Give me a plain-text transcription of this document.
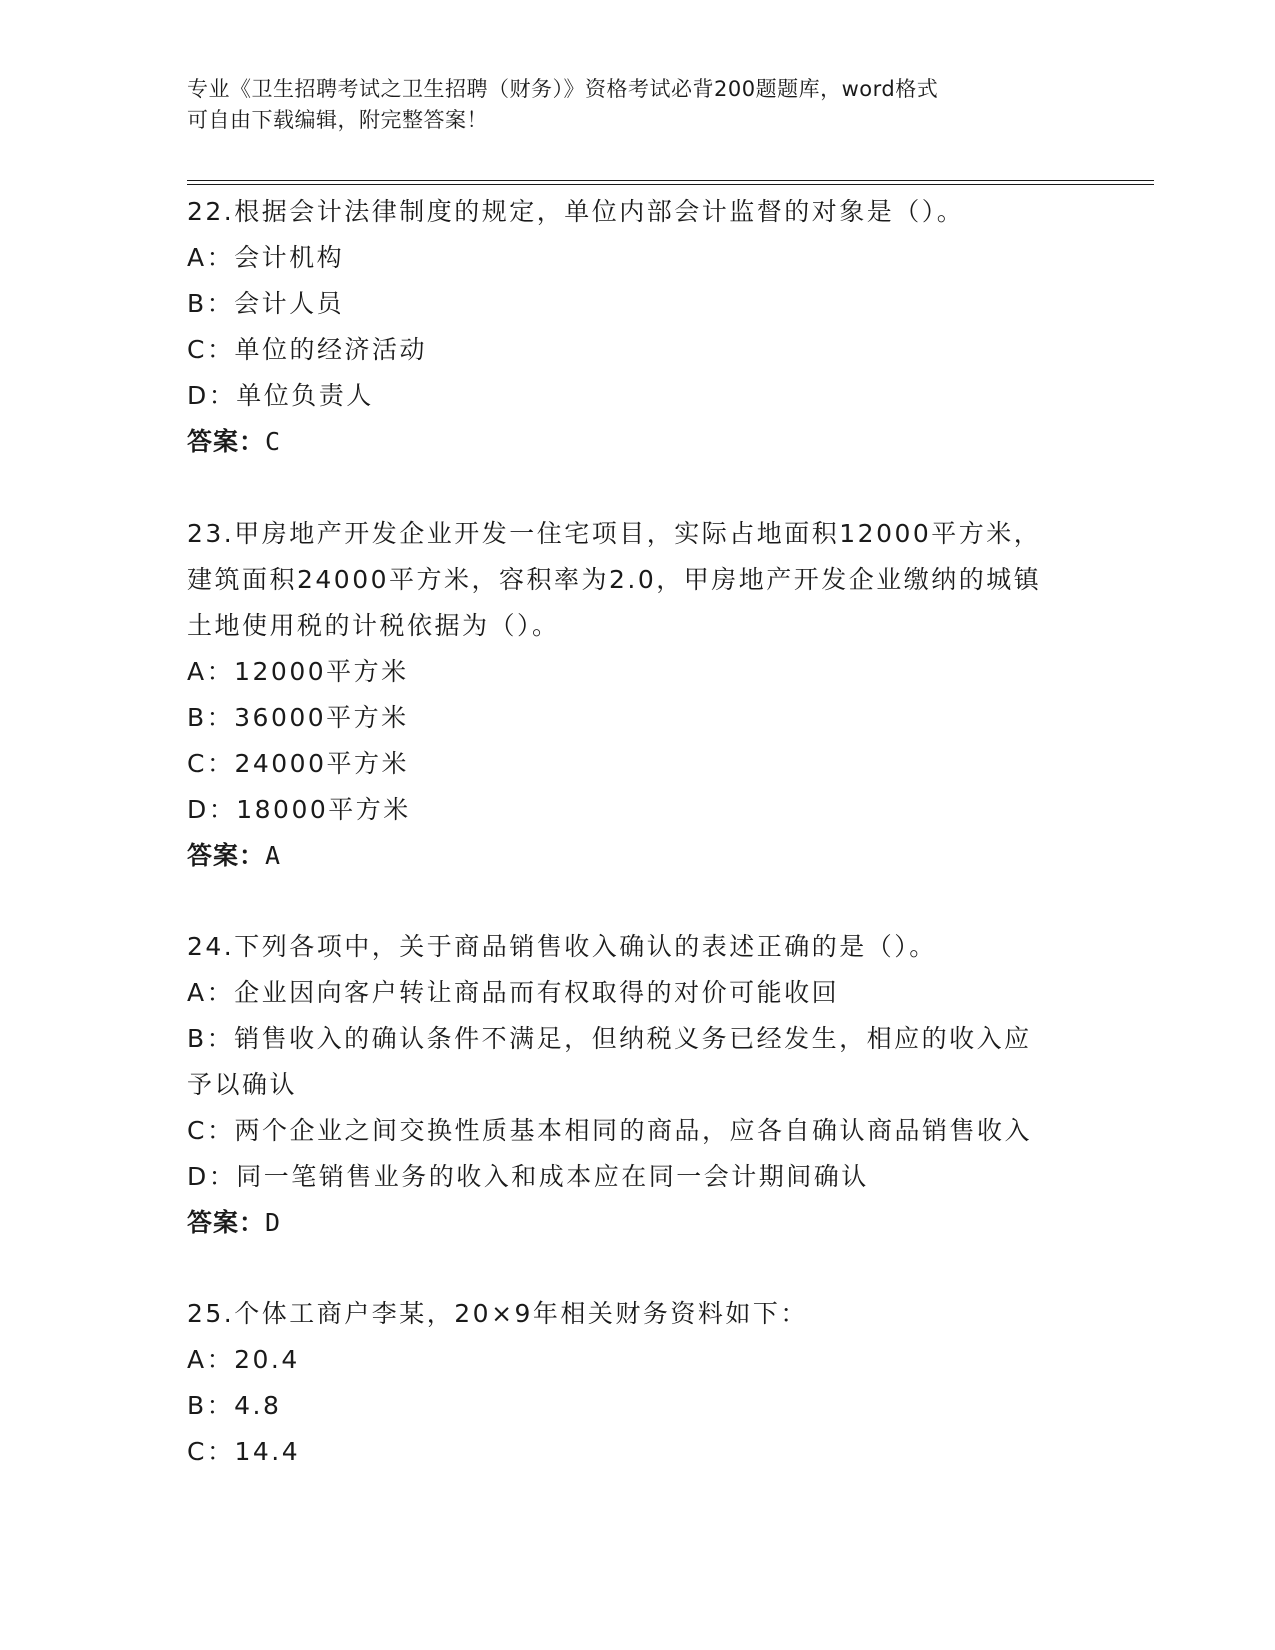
专业《卫生招聘考试之卫生招聘（财务）》资格考试必背200题题库，word格式
可自由下载编辑，附完整答案！
22.根据会计法律制度的规定，单位内部会计监督的对象是（）。
A：会计机构
B：会计人员
C：单位的经济活动
D：单位负责人
答案：C
23.甲房地产开发企业开发一住宅项目，实际占地面积12000平方米，
建筑面积24000平方米，容积率为2.0，甲房地产开发企业缴纳的城镇
土地使用税的计税依据为（）。
A：12000平方米
B：36000平方米
C：24000平方米
D：18000平方米
答案：A
24.下列各项中，关于商品销售收入确认的表述正确的是（）。
A：企业因向客户转让商品而有权取得的对价可能收回
B：销售收入的确认条件不满足，但纳税义务已经发生，相应的收入应
予以确认
C：两个企业之间交换性质基本相同的商品，应各自确认商品销售收入
D：同一笔销售业务的收入和成本应在同一会计期间确认
答案：D
25.个体工商户李某，20×9年相关财务资料如下：
A：20.4
B：4.8
C：14.4
